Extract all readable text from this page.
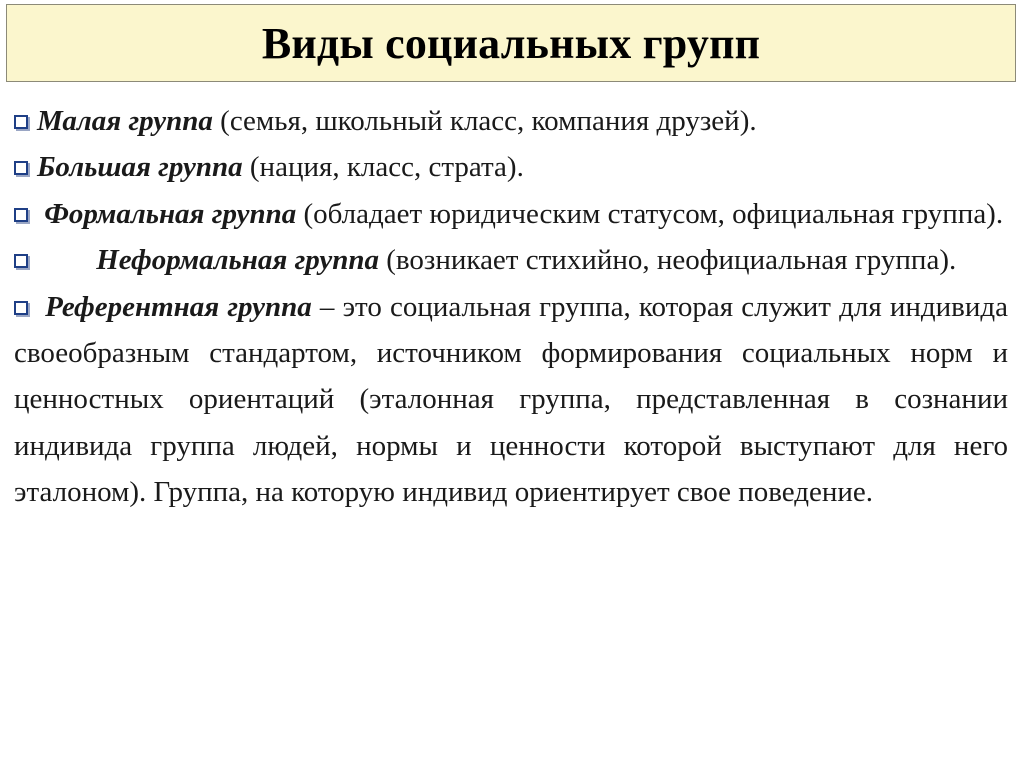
Виды социальных групп

Малая группа (семья, школьный класс, компания друзей).

Большая группа (нация, класс, страта).

Формальная группа (обладает юридическим статусом, официальная группа).

Неформальная группа (возникает стихийно, неофициальная группа).

Референтная группа – это социальная группа, которая служит для индивида своеобразным стандартом, источником формирования социальных норм и ценностных ориентаций (эталонная группа, представленная в сознании индивида группа людей, нормы и ценности которой выступают для него эталоном). Группа, на которую индивид ориентирует свое поведение.
